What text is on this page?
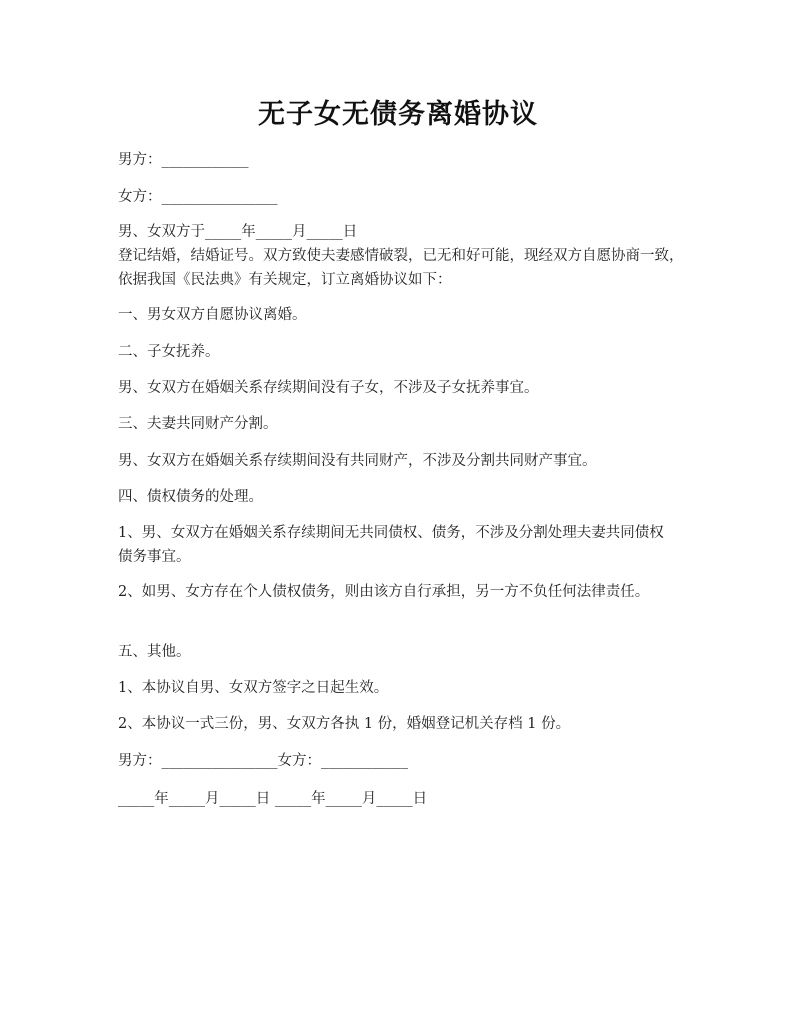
无子女无债务离婚协议

男方：____________

女方：________________

男、女双方于_____年_____月_____日

登记结婚，结婚证号。双方致使夫妻感情破裂，已无和好可能，现经双方自愿协商一致，依据我国《民法典》有关规定，订立离婚协议如下：

一、男女双方自愿协议离婚。

二、子女抚养。

男、女双方在婚姻关系存续期间没有子女，不涉及子女抚养事宜。

三、夫妻共同财产分割。

男、女双方在婚姻关系存续期间没有共同财产，不涉及分割共同财产事宜。

四、债权债务的处理。

1、男、女双方在婚姻关系存续期间无共同债权、债务，不涉及分割处理夫妻共同债权债务事宜。

2、如男、女方存在个人债权债务，则由该方自行承担，另一方不负任何法律责任。

五、其他。

1、本协议自男、女双方签字之日起生效。

2、本协议一式三份，男、女双方各执 1 份，婚姻登记机关存档 1 份。

男方：________________女方：____________

_____年_____月_____日 _____年_____月_____日
